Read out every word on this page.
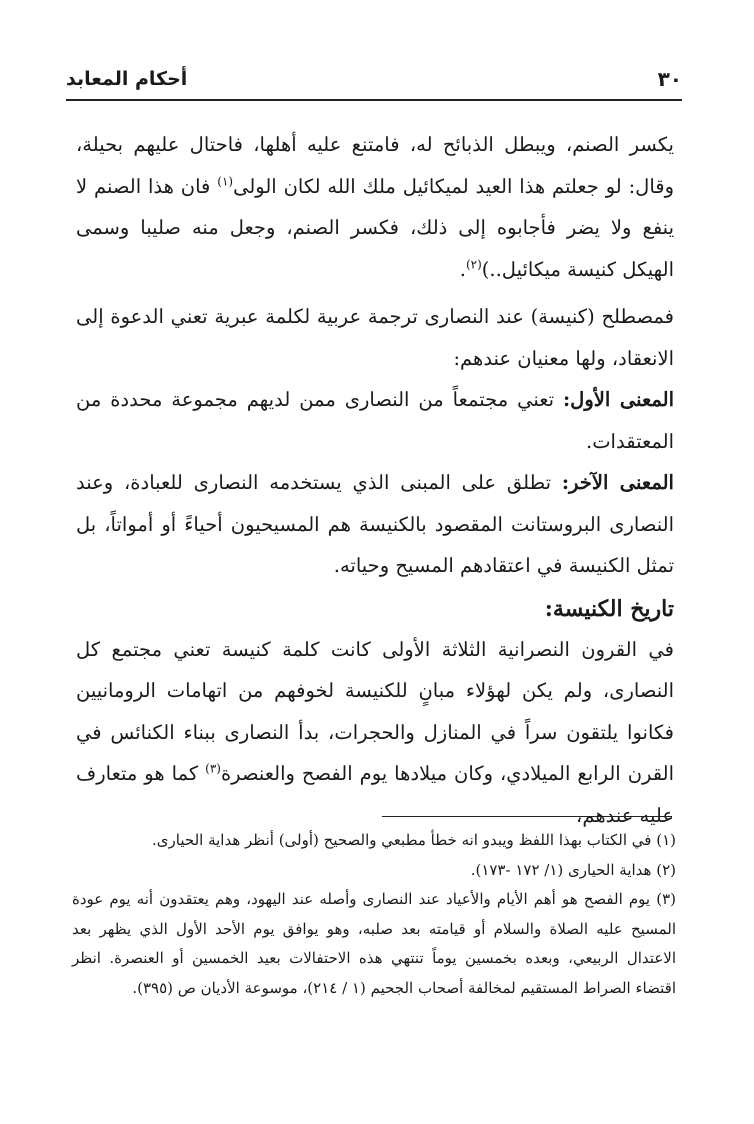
أحكام المعابد	٣٠

يكسر الصنم، ويبطل الذبائح له، فامتنع عليه أهلها، فاحتال عليهم بحيلة، وقال: لو جعلتم هذا العيد لميكائيل ملك الله لكان الولى$^{(١)}$ فان هذا الصنم لا ينفع ولا يضر فأجابوه إلى ذلك، فكسر الصنم، وجعل منه صليبا وسمى الهيكل كنيسة ميكائيل..)$^{(٢)}$.

فمصطلح (كنيسة) عند النصارى ترجمة عربية لكلمة عبرية تعني الدعوة إلى الانعقاد، ولها معنيان عندهم:

المعنى الأول: تعني مجتمعاً من النصارى ممن لديهم مجموعة محددة من المعتقدات.

المعنى الآخر: تطلق على المبنى الذي يستخدمه النصارى للعبادة، وعند النصارى البروستانت المقصود بالكنيسة هم المسيحيون أحياءً أو أمواتاً، بل تمثل الكنيسة في اعتقادهم المسيح وحياته.

تاريخ الكنيسة:

في القرون النصرانية الثلاثة الأولى كانت كلمة كنيسة تعني مجتمع كل النصارى، ولم يكن لهؤلاء مبانٍ للكنيسة لخوفهم من اتهامات الرومانيين فكانوا يلتقون سراً في المنازل والحجرات، بدأ النصارى ببناء الكنائس في القرن الرابع الميلادي، وكان ميلادها يوم الفصح والعنصرة$^{(٣)}$ كما هو متعارف عليه عندهم،

(١) في الكتاب بهذا اللفظ ويبدو انه خطأ مطبعي والصحيح (أولى) أنظر هداية الحيارى.

(٢) هداية الحيارى (١/ ١٧٢ -١٧٣).

(٣) يوم الفصح هو أهم الأيام والأعياد عند النصارى وأصله عند اليهود، وهم يعتقدون أنه يوم عودة المسيح عليه الصلاة والسلام أو قيامته بعد صلبه، وهو يوافق يوم الأحد الأول الذي يظهر بعد الاعتدال الربيعي، وبعده بخمسين يوماً تنتهي هذه الاحتفالات بعيد الخمسين أو العنصرة. انظر اقتضاء الصراط المستقيم لمخالفة أصحاب الجحيم (١ / ٢١٤)، موسوعة الأديان ص (٣٩٥).
